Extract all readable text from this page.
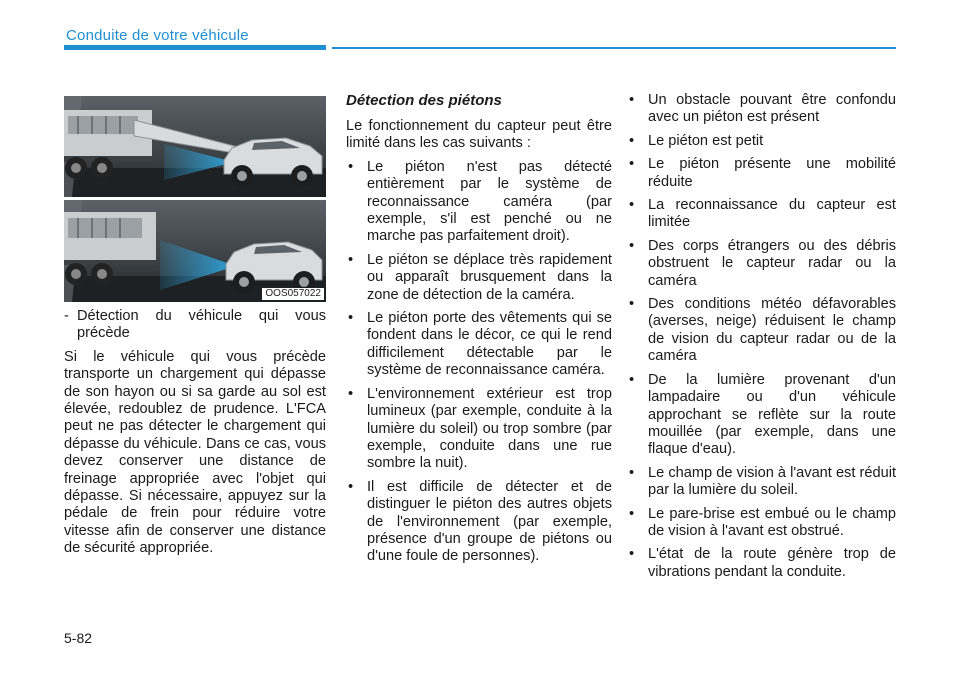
Conduite de votre véhicule
OOS057022
- Détection du véhicule qui vous précède

Si le véhicule qui vous précède transporte un chargement qui dépasse de son hayon ou si sa garde au sol est élevée, redoublez de prudence. L'FCA peut ne pas détecter le chargement qui dépasse du véhicule. Dans ce cas, vous devez conserver une distance de freinage appropriée avec l'objet qui dépasse. Si nécessaire, appuyez sur la pédale de frein pour réduire votre vitesse afin de conserver une distance de sécurité appropriée.

Détection des piétons

Le fonctionnement du capteur peut être limité dans les cas suivants :

• Le piéton n'est pas détecté entièrement par le système de reconnaissance caméra (par exemple, s'il est penché ou ne marche pas parfaitement droit).
• Le piéton se déplace très rapidement ou apparaît brusquement dans la zone de détection de la caméra.
• Le piéton porte des vêtements qui se fondent dans le décor, ce qui le rend difficilement détectable par le système de reconnaissance caméra.
• L'environnement extérieur est trop lumineux (par exemple, conduite à la lumière du soleil) ou trop sombre (par exemple, conduite dans une rue sombre la nuit).
• Il est difficile de détecter et de distinguer le piéton des autres objets de l'environnement (par exemple, présence d'un groupe de piétons ou d'une foule de personnes).
• Un obstacle pouvant être confondu avec un piéton est présent
• Le piéton est petit
• Le piéton présente une mobilité réduite
• La reconnaissance du capteur est limitée
• Des corps étrangers ou des débris obstruent le capteur radar ou la caméra
• Des conditions météo défavorables (averses, neige) réduisent le champ de vision du capteur radar ou de la caméra
• De la lumière provenant d'un lampadaire ou d'un véhicule approchant se reflète sur la route mouillée (par exemple, dans une flaque d'eau).
• Le champ de vision à l'avant est réduit par la lumière du soleil.
• Le pare-brise est embué ou le champ de vision à l'avant est obstrué.
• L'état de la route génère trop de vibrations pendant la conduite.
5-82
